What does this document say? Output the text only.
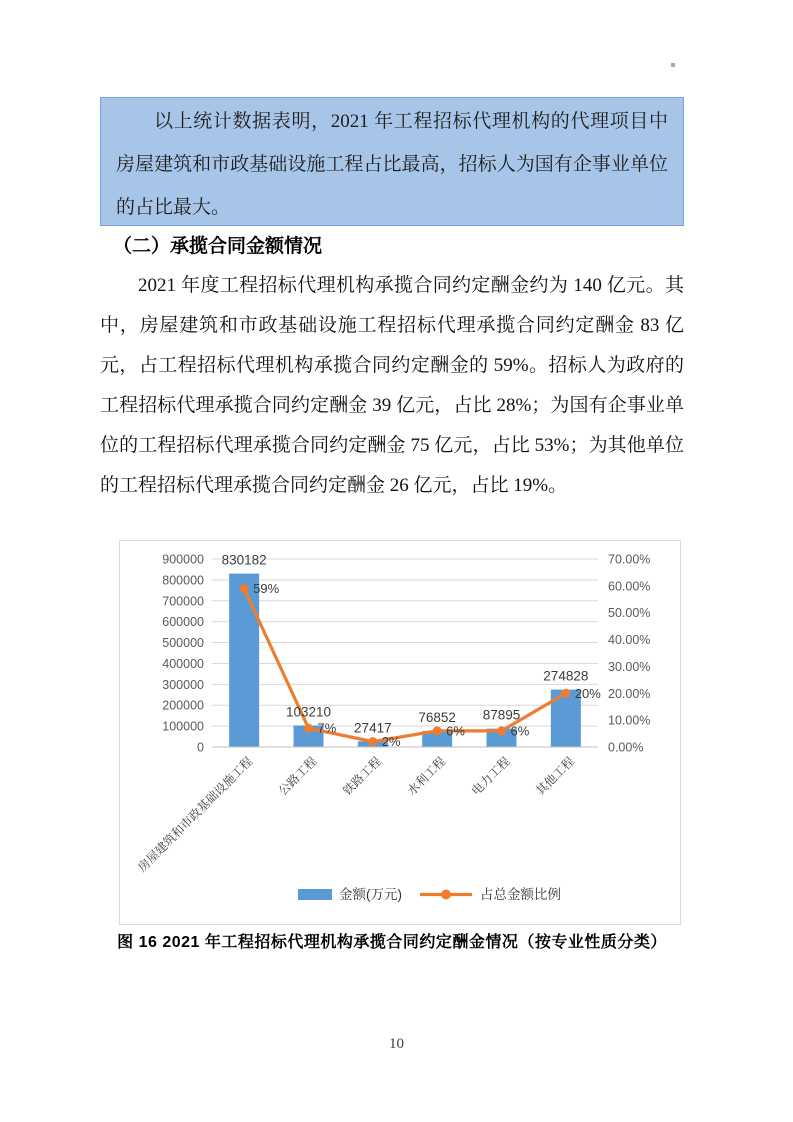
以上统计数据表明，2021 年工程招标代理机构的代理项目中房屋建筑和市政基础设施工程占比最高，招标人为国有企事业单位的占比最大。

（二）承揽合同金额情况

2021 年度工程招标代理机构承揽合同约定酬金约为 140 亿元。其中，房屋建筑和市政基础设施工程招标代理承揽合同约定酬金 83 亿元，占工程招标代理机构承揽合同约定酬金的 59%。招标人为政府的工程招标代理承揽合同约定酬金 39 亿元，占比 28%；为国有企事业单位的工程招标代理承揽合同约定酬金 75 亿元，占比 53%；为其他单位的工程招标代理承揽合同约定酬金 26 亿元，占比 19%。

0
100000
200000
300000
400000
500000
600000
700000
800000
900000
0.00%
10.00%
20.00%
30.00%
40.00%
50.00%
60.00%
70.00%
830182
103210
27417
76852 87895
274828
59%
7%
2%
6%	6%
20%
房屋建筑和市政基础设施工程 公路工程 铁路工程 水利工程 电力工程 其他工程
金额(万元)	占总金额比例
图 16 2021 年工程招标代理机构承揽合同约定酬金情况（按专业性质分类）
10
